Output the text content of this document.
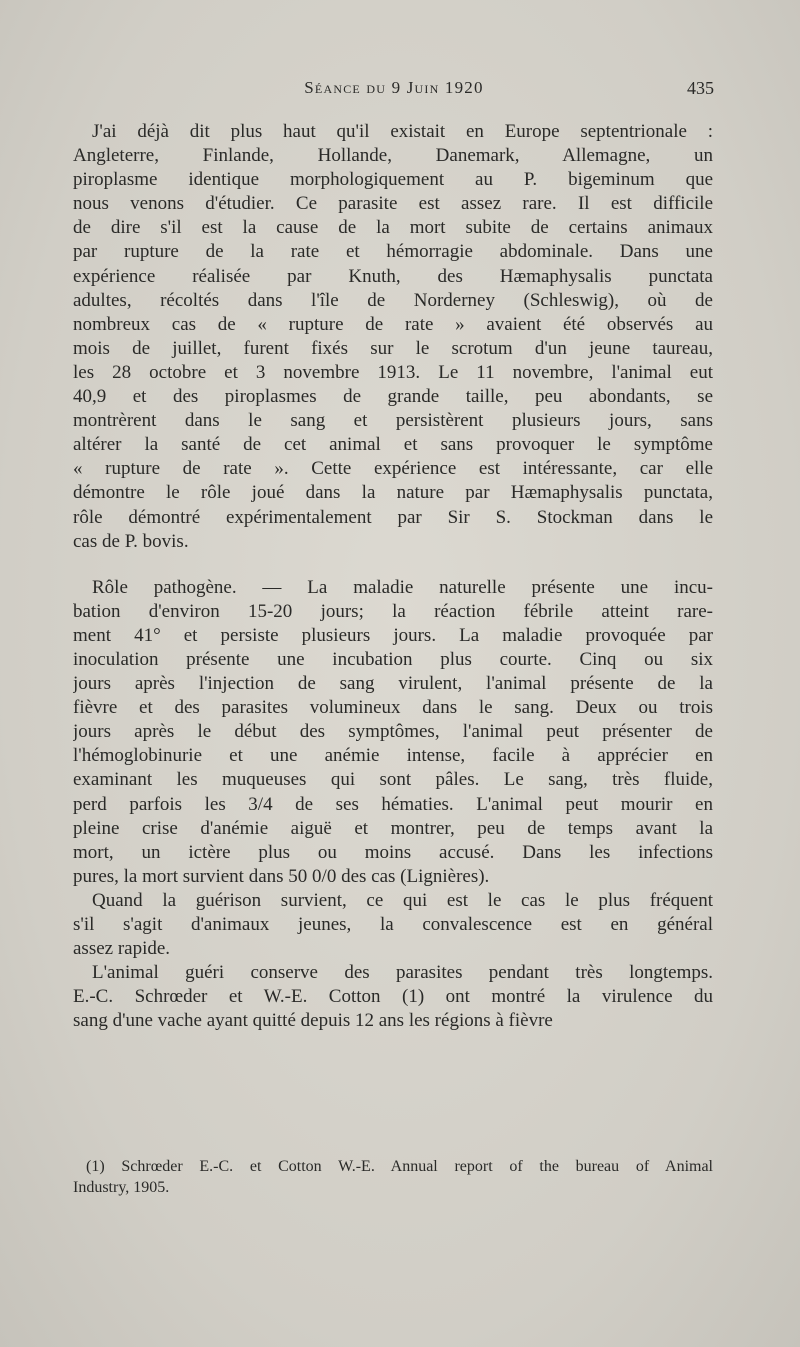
Séance du 9 Juin 1920	435
J'ai déjà dit plus haut qu'il existait en Europe septentrionale :
Angleterre, Finlande, Hollande, Danemark, Allemagne, un
piroplasme identique morphologiquement au P. bigeminum que
nous venons d'étudier. Ce parasite est assez rare. Il est difficile
de dire s'il est la cause de la mort subite de certains animaux
par rupture de la rate et hémorragie abdominale. Dans une
expérience réalisée par Knuth, des Hæmaphysalis punctata
adultes, récoltés dans l'île de Norderney (Schleswig), où de
nombreux cas de « rupture de rate » avaient été observés au
mois de juillet, furent fixés sur le scrotum d'un jeune taureau,
les 28 octobre et 3 novembre 1913. Le 11 novembre, l'animal eut
40,9 et des piroplasmes de grande taille, peu abondants, se
montrèrent dans le sang et persistèrent plusieurs jours, sans
altérer la santé de cet animal et sans provoquer le symptôme
« rupture de rate ». Cette expérience est intéressante, car elle
démontre le rôle joué dans la nature par Hæmaphysalis punctata,
rôle démontré expérimentalement par Sir S. Stockman dans le
cas de P. bovis.
Rôle pathogène. — La maladie naturelle présente une incu-
bation d'environ 15-20 jours; la réaction fébrile atteint rare-
ment 41° et persiste plusieurs jours. La maladie provoquée par
inoculation présente une incubation plus courte. Cinq ou six
jours après l'injection de sang virulent, l'animal présente de la
fièvre et des parasites volumineux dans le sang. Deux ou trois
jours après le début des symptômes, l'animal peut présenter de
l'hémoglobinurie et une anémie intense, facile à apprécier en
examinant les muqueuses qui sont pâles. Le sang, très fluide,
perd parfois les 3/4 de ses hématies. L'animal peut mourir en
pleine crise d'anémie aiguë et montrer, peu de temps avant la
mort, un ictère plus ou moins accusé. Dans les infections
pures, la mort survient dans 50 0/0 des cas (Lignières).
Quand la guérison survient, ce qui est le cas le plus fréquent
s'il s'agit d'animaux jeunes, la convalescence est en général
assez rapide.
L'animal guéri conserve des parasites pendant très longtemps.
E.-C. Schrœder et W.-E. Cotton (1) ont montré la virulence du
sang d'une vache ayant quitté depuis 12 ans les régions à fièvre
(1) Schrœder E.-C. et Cotton W.-E. Annual report of the bureau of Animal
Industry, 1905.
